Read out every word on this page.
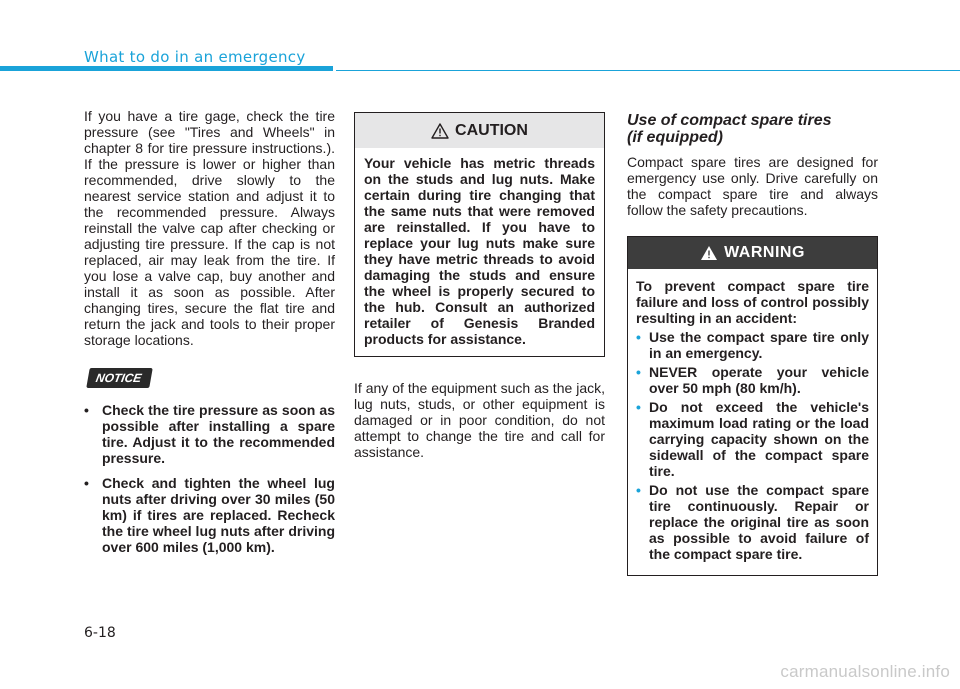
What to do in an emergency

If you have a tire gage, check the tire pressure (see "Tires and Wheels" in chapter 8 for tire pressure instructions.). If the pressure is lower or higher than recommended, drive slowly to the nearest service station and adjust it to the recommended pressure. Always reinstall the valve cap after checking or adjusting tire pressure. If the cap is not replaced, air may leak from the tire. If you lose a valve cap, buy another and install it as soon as possible. After changing tires, secure the flat tire and return the jack and tools to their proper storage locations.

NOTICE
• Check the tire pressure as soon as possible after installing a spare tire. Adjust it to the recommended pressure.
• Check and tighten the wheel lug nuts after driving over 30 miles (50 km) if tires are replaced. Recheck the tire wheel lug nuts after driving over 600 miles (1,000 km).
CAUTION
Your vehicle has metric threads on the studs and lug nuts. Make certain during tire changing that the same nuts that were removed are reinstalled. If you have to replace your lug nuts make sure they have metric threads to avoid damaging the studs and ensure the wheel is properly secured to the hub. Consult an authorized retailer of Genesis Branded products for assistance.

If any of the equipment such as the jack, lug nuts, studs, or other equipment is damaged or in poor condition, do not attempt to change the tire and call for assistance.

Use of compact spare tires
(if equipped)

Compact spare tires are designed for emergency use only. Drive carefully on the compact spare tire and always follow the safety precautions.

WARNING

To prevent compact spare tire failure and loss of control possibly resulting in an accident:

• Use the compact spare tire only in an emergency.
• NEVER operate your vehicle over 50 mph (80 km/h).
• Do not exceed the vehicle's maximum load rating or the load carrying capacity shown on the sidewall of the compact spare tire.
• Do not use the compact spare tire continuously. Repair or replace the original tire as soon as possible to avoid failure of the compact spare tire.
6-18
carmanualsonline.info
